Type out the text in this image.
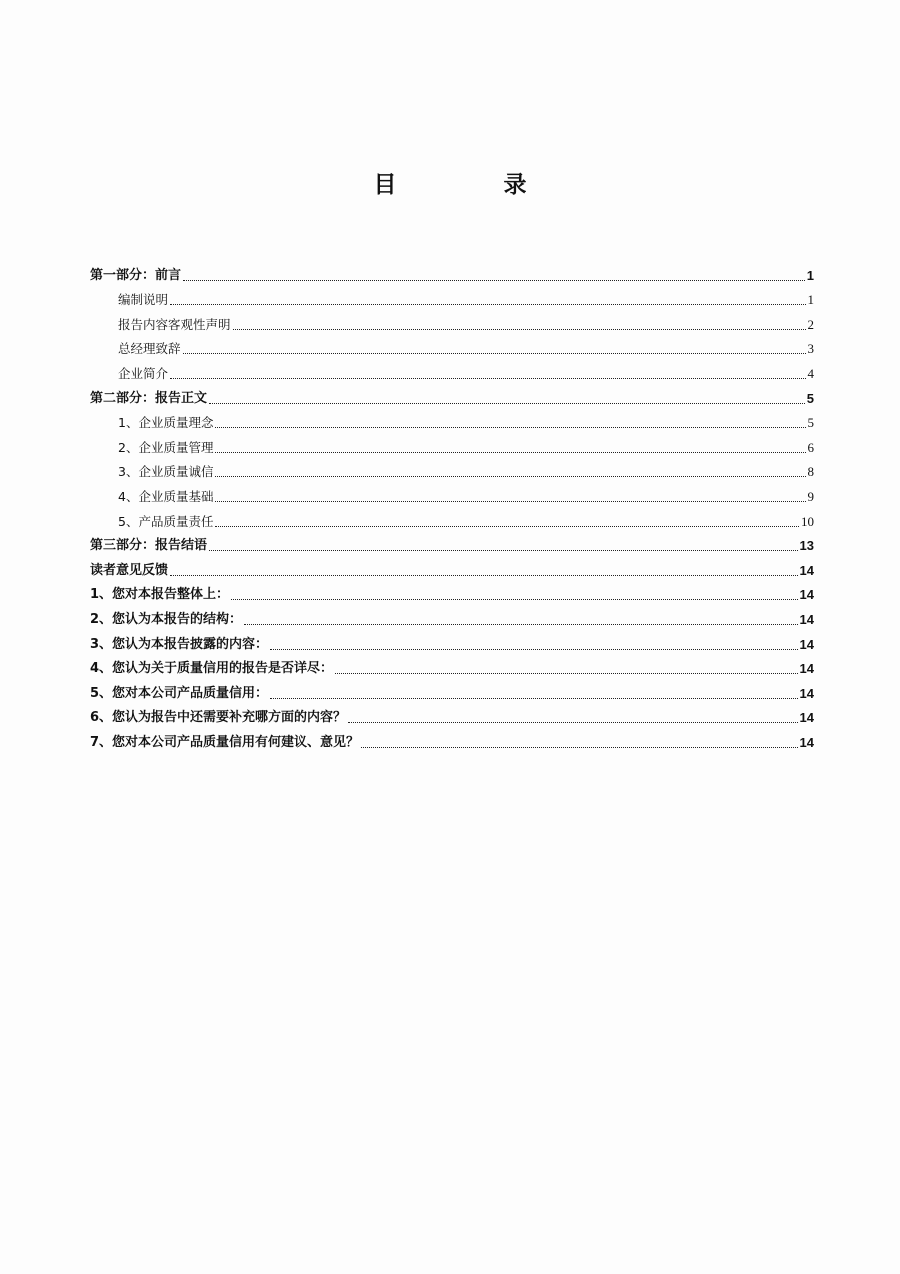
目　录
第一部分：前言	1
编制说明	1
报告内容客观性声明	2
总经理致辞	3
企业简介	4
第二部分：报告正文	5
1、企业质量理念	5
2、企业质量管理	6
3、企业质量诚信	8
4、企业质量基础	9
5、产品质量责任	10
第三部分：报告结语	13
读者意见反馈	14
1、您对本报告整体上：	14
2、您认为本报告的结构：	14
3、您认为本报告披露的内容：	14
4、您认为关于质量信用的报告是否详尽：	14
5、您对本公司产品质量信用：	14
6、您认为报告中还需要补充哪方面的内容？	14
7、您对本公司产品质量信用有何建议、意见？	14
